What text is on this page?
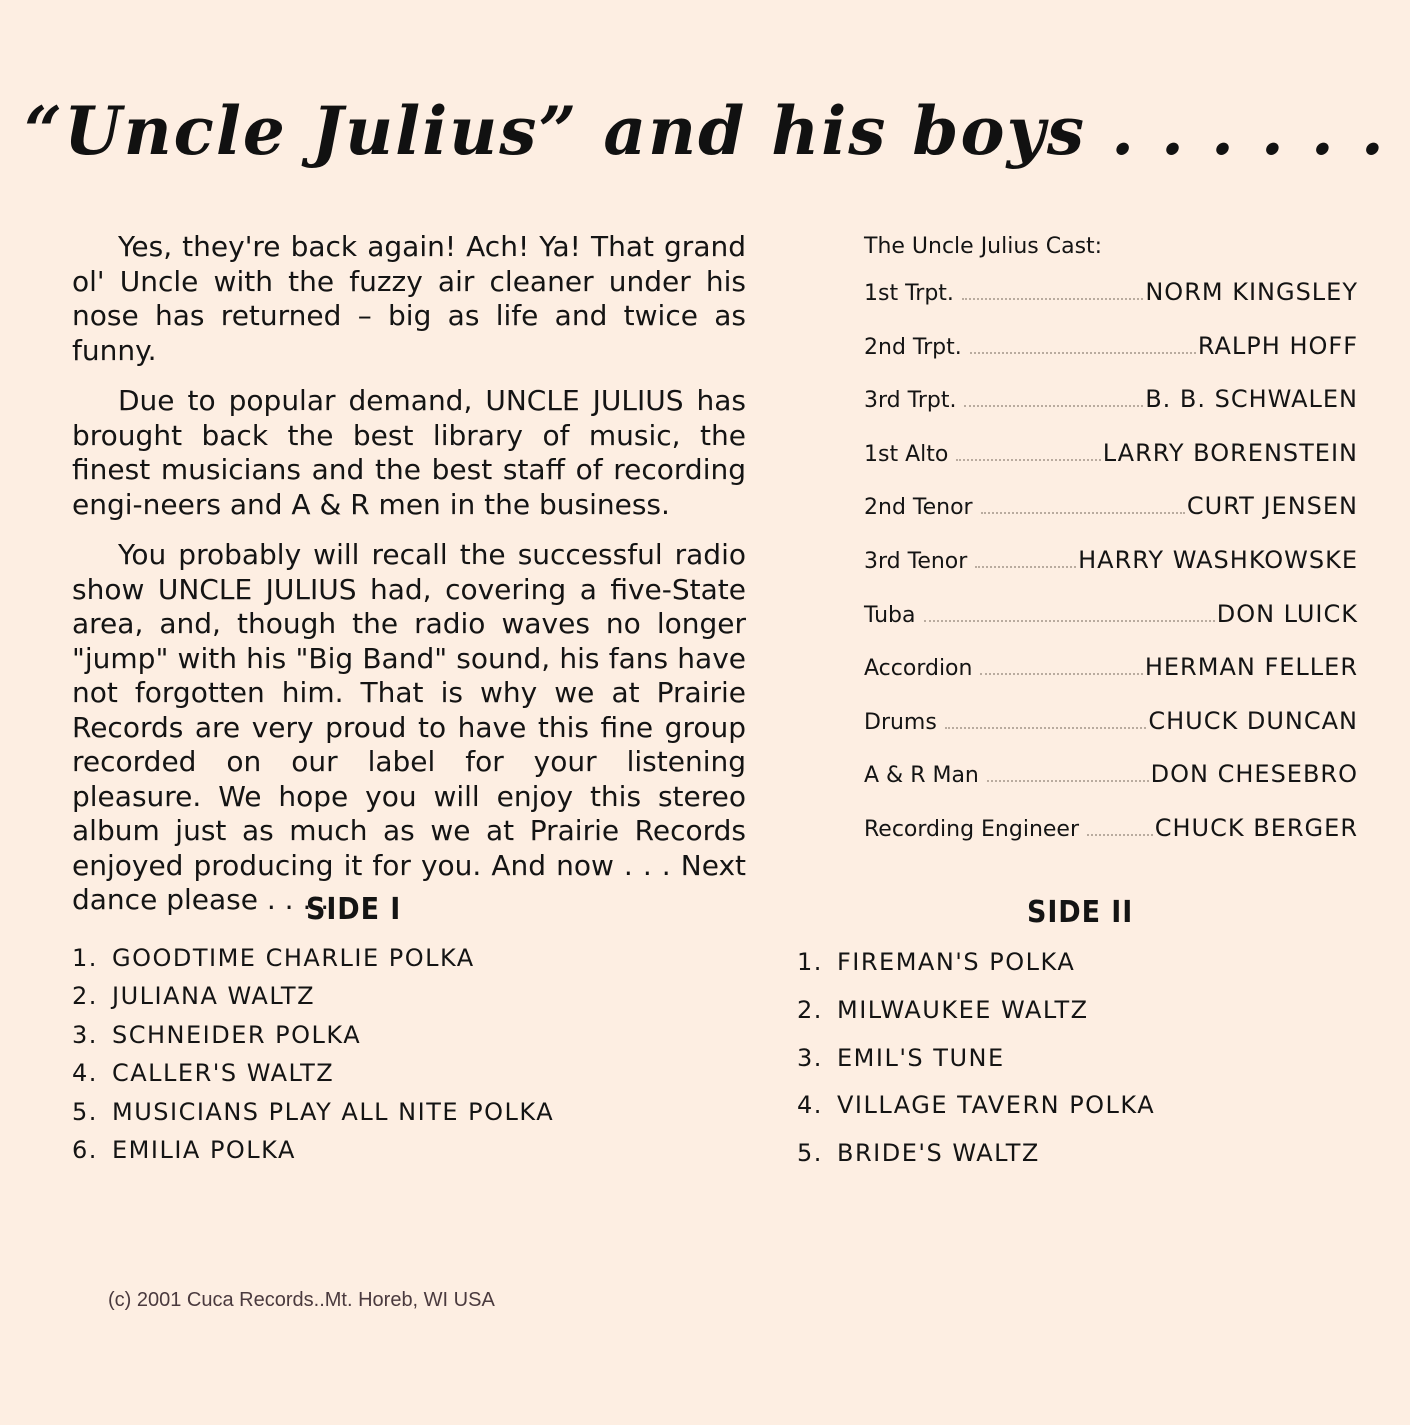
“Uncle Julius” and his boys . . . . . .

Yes, they're back again! Ach! Ya! That grand ol' Uncle with the fuzzy air cleaner under his nose has returned – big as life and twice as funny.

Due to popular demand, UNCLE JULIUS has brought back the best library of music, the finest musicians and the best staff of recording engi-neers and A & R men in the business.

You probably will recall the successful radio show UNCLE JULIUS had, covering a five-State area, and, though the radio waves no longer "jump" with his "Big Band" sound, his fans have not forgotten him. That is why we at Prairie Records are very proud to have this fine group recorded on our label for your listening pleasure. We hope you will enjoy this stereo album just as much as we at Prairie Records enjoyed producing it for you. And now . . . Next dance please . . . .

The Uncle Julius Cast:
1st Trpt.	NORM KINGSLEY
2nd Trpt.	RALPH HOFF
3rd Trpt.	B. B. SCHWALEN
1st Alto	LARRY BORENSTEIN
2nd Tenor	CURT JENSEN
3rd Tenor	HARRY WASHKOWSKE
Tuba	DON LUICK
Accordion	HERMAN FELLER
Drums	CHUCK DUNCAN
A & R Man	DON CHESEBRO
Recording Engineer	CHUCK BERGER
SIDE I
1. GOODTIME CHARLIE POLKA
2. JULIANA WALTZ
3. SCHNEIDER POLKA
4. CALLER'S WALTZ
5. MUSICIANS PLAY ALL NITE POLKA
6. EMILIA POLKA
SIDE II
1. FIREMAN'S POLKA
2. MILWAUKEE WALTZ
3. EMIL'S TUNE
4. VILLAGE TAVERN POLKA
5. BRIDE'S WALTZ
(c) 2001 Cuca Records..Mt. Horeb, WI USA
